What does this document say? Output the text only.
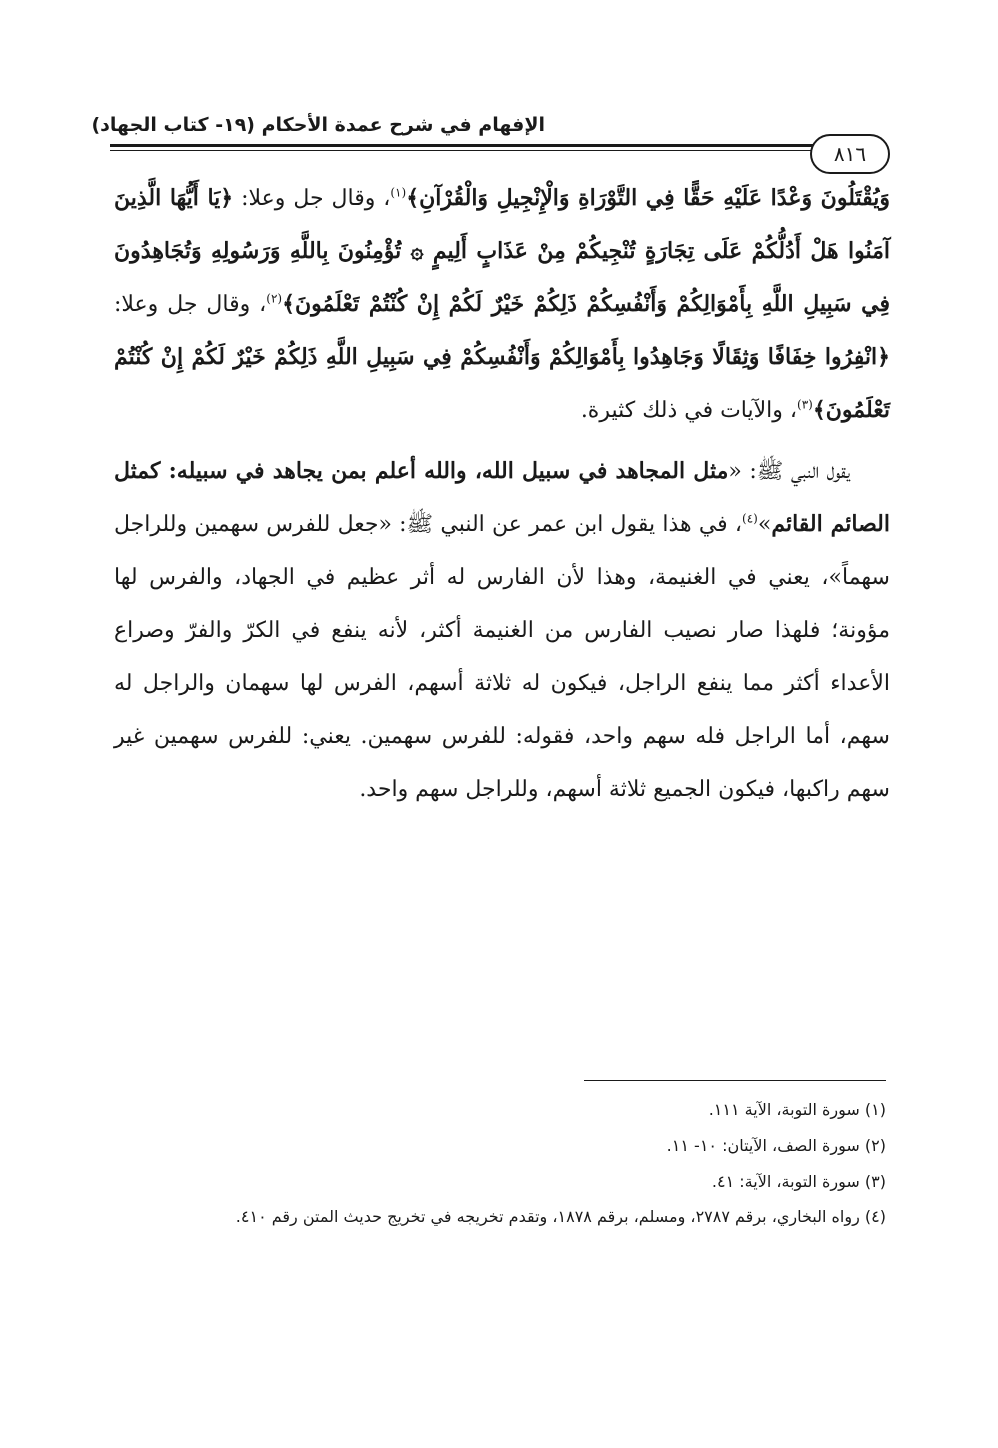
الإفهام في شرح عمدة الأحكام (١٩- كتاب الجهاد)
٨١٦

وَيُقْتَلُونَ وَعْدًا عَلَيْهِ حَقًّا فِي التَّوْرَاةِ وَالْإِنْجِيلِ وَالْقُرْآنِ﴾$^{(١)}$، وقال جل وعلا: ﴿يَا أَيُّهَا الَّذِينَ آمَنُوا هَلْ أَدُلُّكُمْ عَلَى تِجَارَةٍ تُنْجِيكُمْ مِنْ عَذَابٍ أَلِيمٍ ۞ تُؤْمِنُونَ بِاللَّهِ وَرَسُولِهِ وَتُجَاهِدُونَ فِي سَبِيلِ اللَّهِ بِأَمْوَالِكُمْ وَأَنْفُسِكُمْ ذَلِكُمْ خَيْرٌ لَكُمْ إِنْ كُنْتُمْ تَعْلَمُونَ﴾$^{(٢)}$، وقال جل وعلا: ﴿انْفِرُوا خِفَافًا وَثِقَالًا وَجَاهِدُوا بِأَمْوَالِكُمْ وَأَنْفُسِكُمْ فِي سَبِيلِ اللَّهِ ذَلِكُمْ خَيْرٌ لَكُمْ إِنْ كُنْتُمْ تَعْلَمُونَ﴾$^{(٣)}$، والآيات في ذلك كثيرة.

يقول النبي ﷺ: «مثل المجاهد في سبيل الله، والله أعلم بمن يجاهد في سبيله: كمثل الصائم القائم»$^{(٤)}$، في هذا يقول ابن عمر عن النبي ﷺ: «جعل للفرس سهمين وللراجل سهماً»، يعني في الغنيمة، وهذا لأن الفارس له أثر عظيم في الجهاد، والفرس لها مؤونة؛ فلهذا صار نصيب الفارس من الغنيمة أكثر، لأنه ينفع في الكرّ والفرّ وصراع الأعداء أكثر مما ينفع الراجل، فيكون له ثلاثة أسهم، الفرس لها سهمان والراجل له سهم، أما الراجل فله سهم واحد، فقوله: للفرس سهمين. يعني: للفرس سهمين غير سهم راكبها، فيكون الجميع ثلاثة أسهم، وللراجل سهم واحد.

(١) سورة التوبة، الآية ١١١.

(٢) سورة الصف، الآيتان: ١٠- ١١.

(٣) سورة التوبة، الآية: ٤١.

(٤) رواه البخاري، برقم ٢٧٨٧، ومسلم، برقم ١٨٧٨، وتقدم تخريجه في تخريج حديث المتن رقم ٤١٠.
